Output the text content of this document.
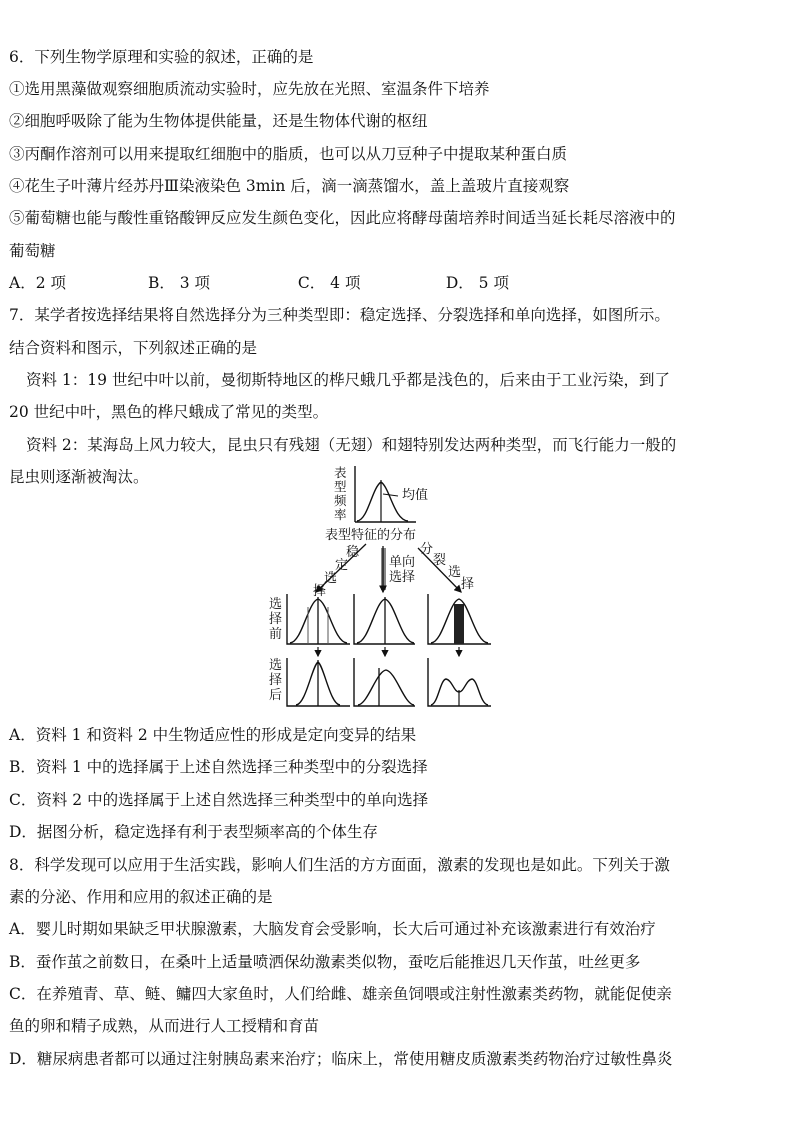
6．下列生物学原理和实验的叙述，正确的是
①选用黑藻做观察细胞质流动实验时，应先放在光照、室温条件下培养
②细胞呼吸除了能为生物体提供能量，还是生物体代谢的枢纽
③丙酮作溶剂可以用来提取红细胞中的脂质，也可以从刀豆种子中提取某种蛋白质
④花生子叶薄片经苏丹Ⅲ染液染色 3min 后，滴一滴蒸馏水，盖上盖玻片直接观察
⑤葡萄糖也能与酸性重铬酸钾反应发生颜色变化，因此应将酵母菌培养时间适当延长耗尽溶液中的
葡萄糖
A．2 项	B． 3 项	C． 4 项	D． 5 项
7．某学者按选择结果将自然选择分为三种类型即：稳定选择、分裂选择和单向选择，如图所示。
结合资料和图示，下列叙述正确的是
资料 1：19 世纪中叶以前，曼彻斯特地区的桦尺蛾几乎都是浅色的，后来由于工业污染，到了
20 世纪中叶，黑色的桦尺蛾成了常见的类型。
资料 2：某海岛上风力较大，昆虫只有残翅（无翅）和翅特别发达两种类型，而飞行能力一般的
昆虫则逐渐被淘汰。
均值
表
型
频
率
表型特征的分布
稳
定
选
择
单向
选择
分
裂
选
择
选
择
前
选
择
后
A．资料 1 和资料 2 中生物适应性的形成是定向变异的结果
B．资料 1 中的选择属于上述自然选择三种类型中的分裂选择
C．资料 2 中的选择属于上述自然选择三种类型中的单向选择
D．据图分析，稳定选择有利于表型频率高的个体生存
8．科学发现可以应用于生活实践，影响人们生活的方方面面，激素的发现也是如此。下列关于激
素的分泌、作用和应用的叙述正确的是
A．婴儿时期如果缺乏甲状腺激素，大脑发育会受影响，长大后可通过补充该激素进行有效治疗
B．蚕作茧之前数日，在桑叶上适量喷洒保幼激素类似物，蚕吃后能推迟几天作茧，吐丝更多
C．在养殖青、草、鲢、鳙四大家鱼时，人们给雌、雄亲鱼饲喂或注射性激素类药物，就能促使亲
鱼的卵和精子成熟，从而进行人工授精和育苗
D．糖尿病患者都可以通过注射胰岛素来治疗；临床上，常使用糖皮质激素类药物治疗过敏性鼻炎
